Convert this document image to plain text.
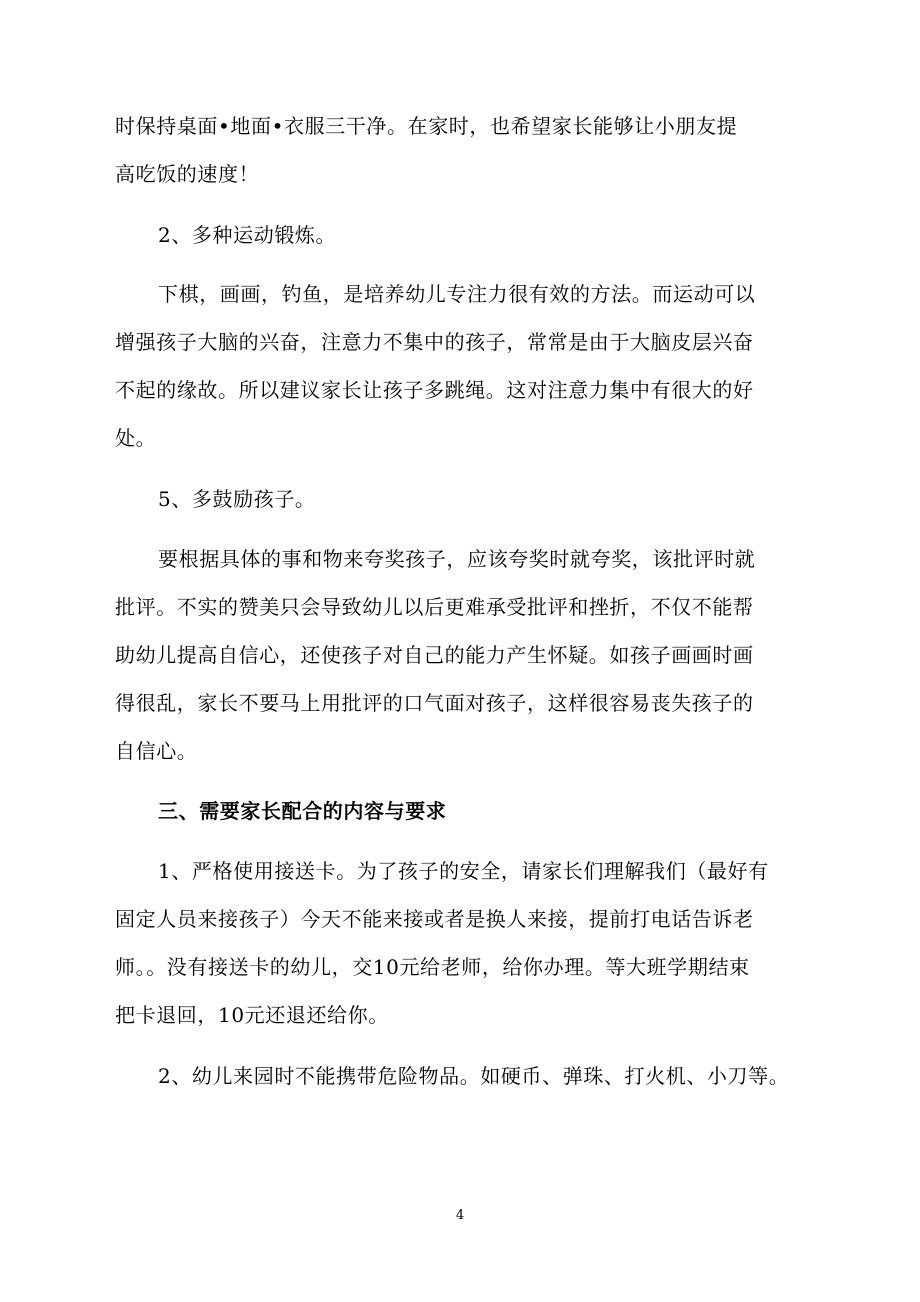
时保持桌面•地面•衣服三干净。在家时，也希望家长能够让小朋友提
高吃饭的速度！
2、多种运动锻炼。
下棋，画画，钓鱼，是培养幼儿专注力很有效的方法。而运动可以
增强孩子大脑的兴奋，注意力不集中的孩子，常常是由于大脑皮层兴奋
不起的缘故。所以建议家长让孩子多跳绳。这对注意力集中有很大的好
处。
5、多鼓励孩子。
要根据具体的事和物来夸奖孩子，应该夸奖时就夸奖，该批评时就
批评。不实的赞美只会导致幼儿以后更难承受批评和挫折，不仅不能帮
助幼儿提高自信心，还使孩子对自己的能力产生怀疑。如孩子画画时画
得很乱，家长不要马上用批评的口气面对孩子，这样很容易丧失孩子的
自信心。
三、需要家长配合的内容与要求
1、严格使用接送卡。为了孩子的安全，请家长们理解我们（最好有
固定人员来接孩子）今天不能来接或者是换人来接，提前打电话告诉老
师。。没有接送卡的幼儿，交10元给老师，给你办理。等大班学期结束
把卡退回，10元还退还给你。
2、幼儿来园时不能携带危险物品。如硬币、弹珠、打火机、小刀等。
4
